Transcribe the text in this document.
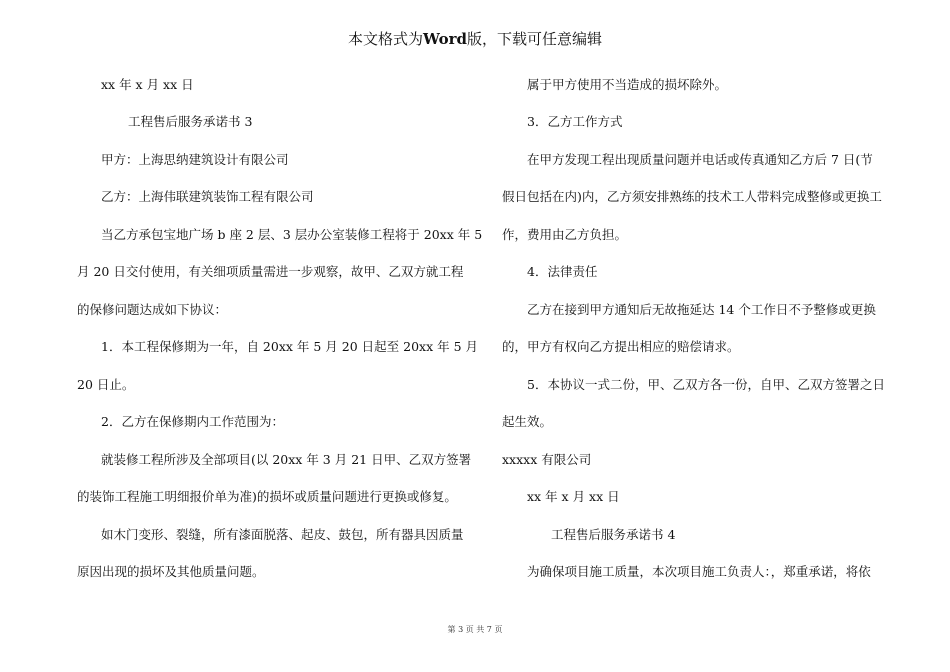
本文格式为Word版，下载可任意编辑
xx 年 x 月 xx 日
工程售后服务承诺书 3
甲方：上海思纳建筑设计有限公司
乙方：上海伟联建筑装饰工程有限公司
当乙方承包宝地广场 b 座 2 层、3 层办公室装修工程将于 20xx 年 5
月 20 日交付使用，有关细项质量需进一步观察，故甲、乙双方就工程
的保修问题达成如下协议：
1．本工程保修期为一年，自 20xx 年 5 月 20 日起至 20xx 年 5 月
20 日止。
2．乙方在保修期内工作范围为：
就装修工程所涉及全部项目(以 20xx 年 3 月 21 日甲、乙双方签署
的装饰工程施工明细报价单为准)的损坏或质量问题进行更换或修复。
如木门变形、裂缝，所有漆面脱落、起皮、鼓包，所有器具因质量
原因出现的损坏及其他质量问题。
属于甲方使用不当造成的损坏除外。
3．乙方工作方式
在甲方发现工程出现质量问题并电话或传真通知乙方后 7 日(节
假日包括在内)内，乙方须安排熟练的技术工人带料完成整修或更换工
作，费用由乙方负担。
4．法律责任
乙方在接到甲方通知后无故拖延达 14 个工作日不予整修或更换
的，甲方有权向乙方提出相应的赔偿请求。
5．本协议一式二份，甲、乙双方各一份，自甲、乙双方签署之日
起生效。
xxxxx 有限公司
xx 年 x 月 xx 日
工程售后服务承诺书 4
为确保项目施工质量，本次项目施工负责人：，郑重承诺，将依
第 3 页 共 7 页
